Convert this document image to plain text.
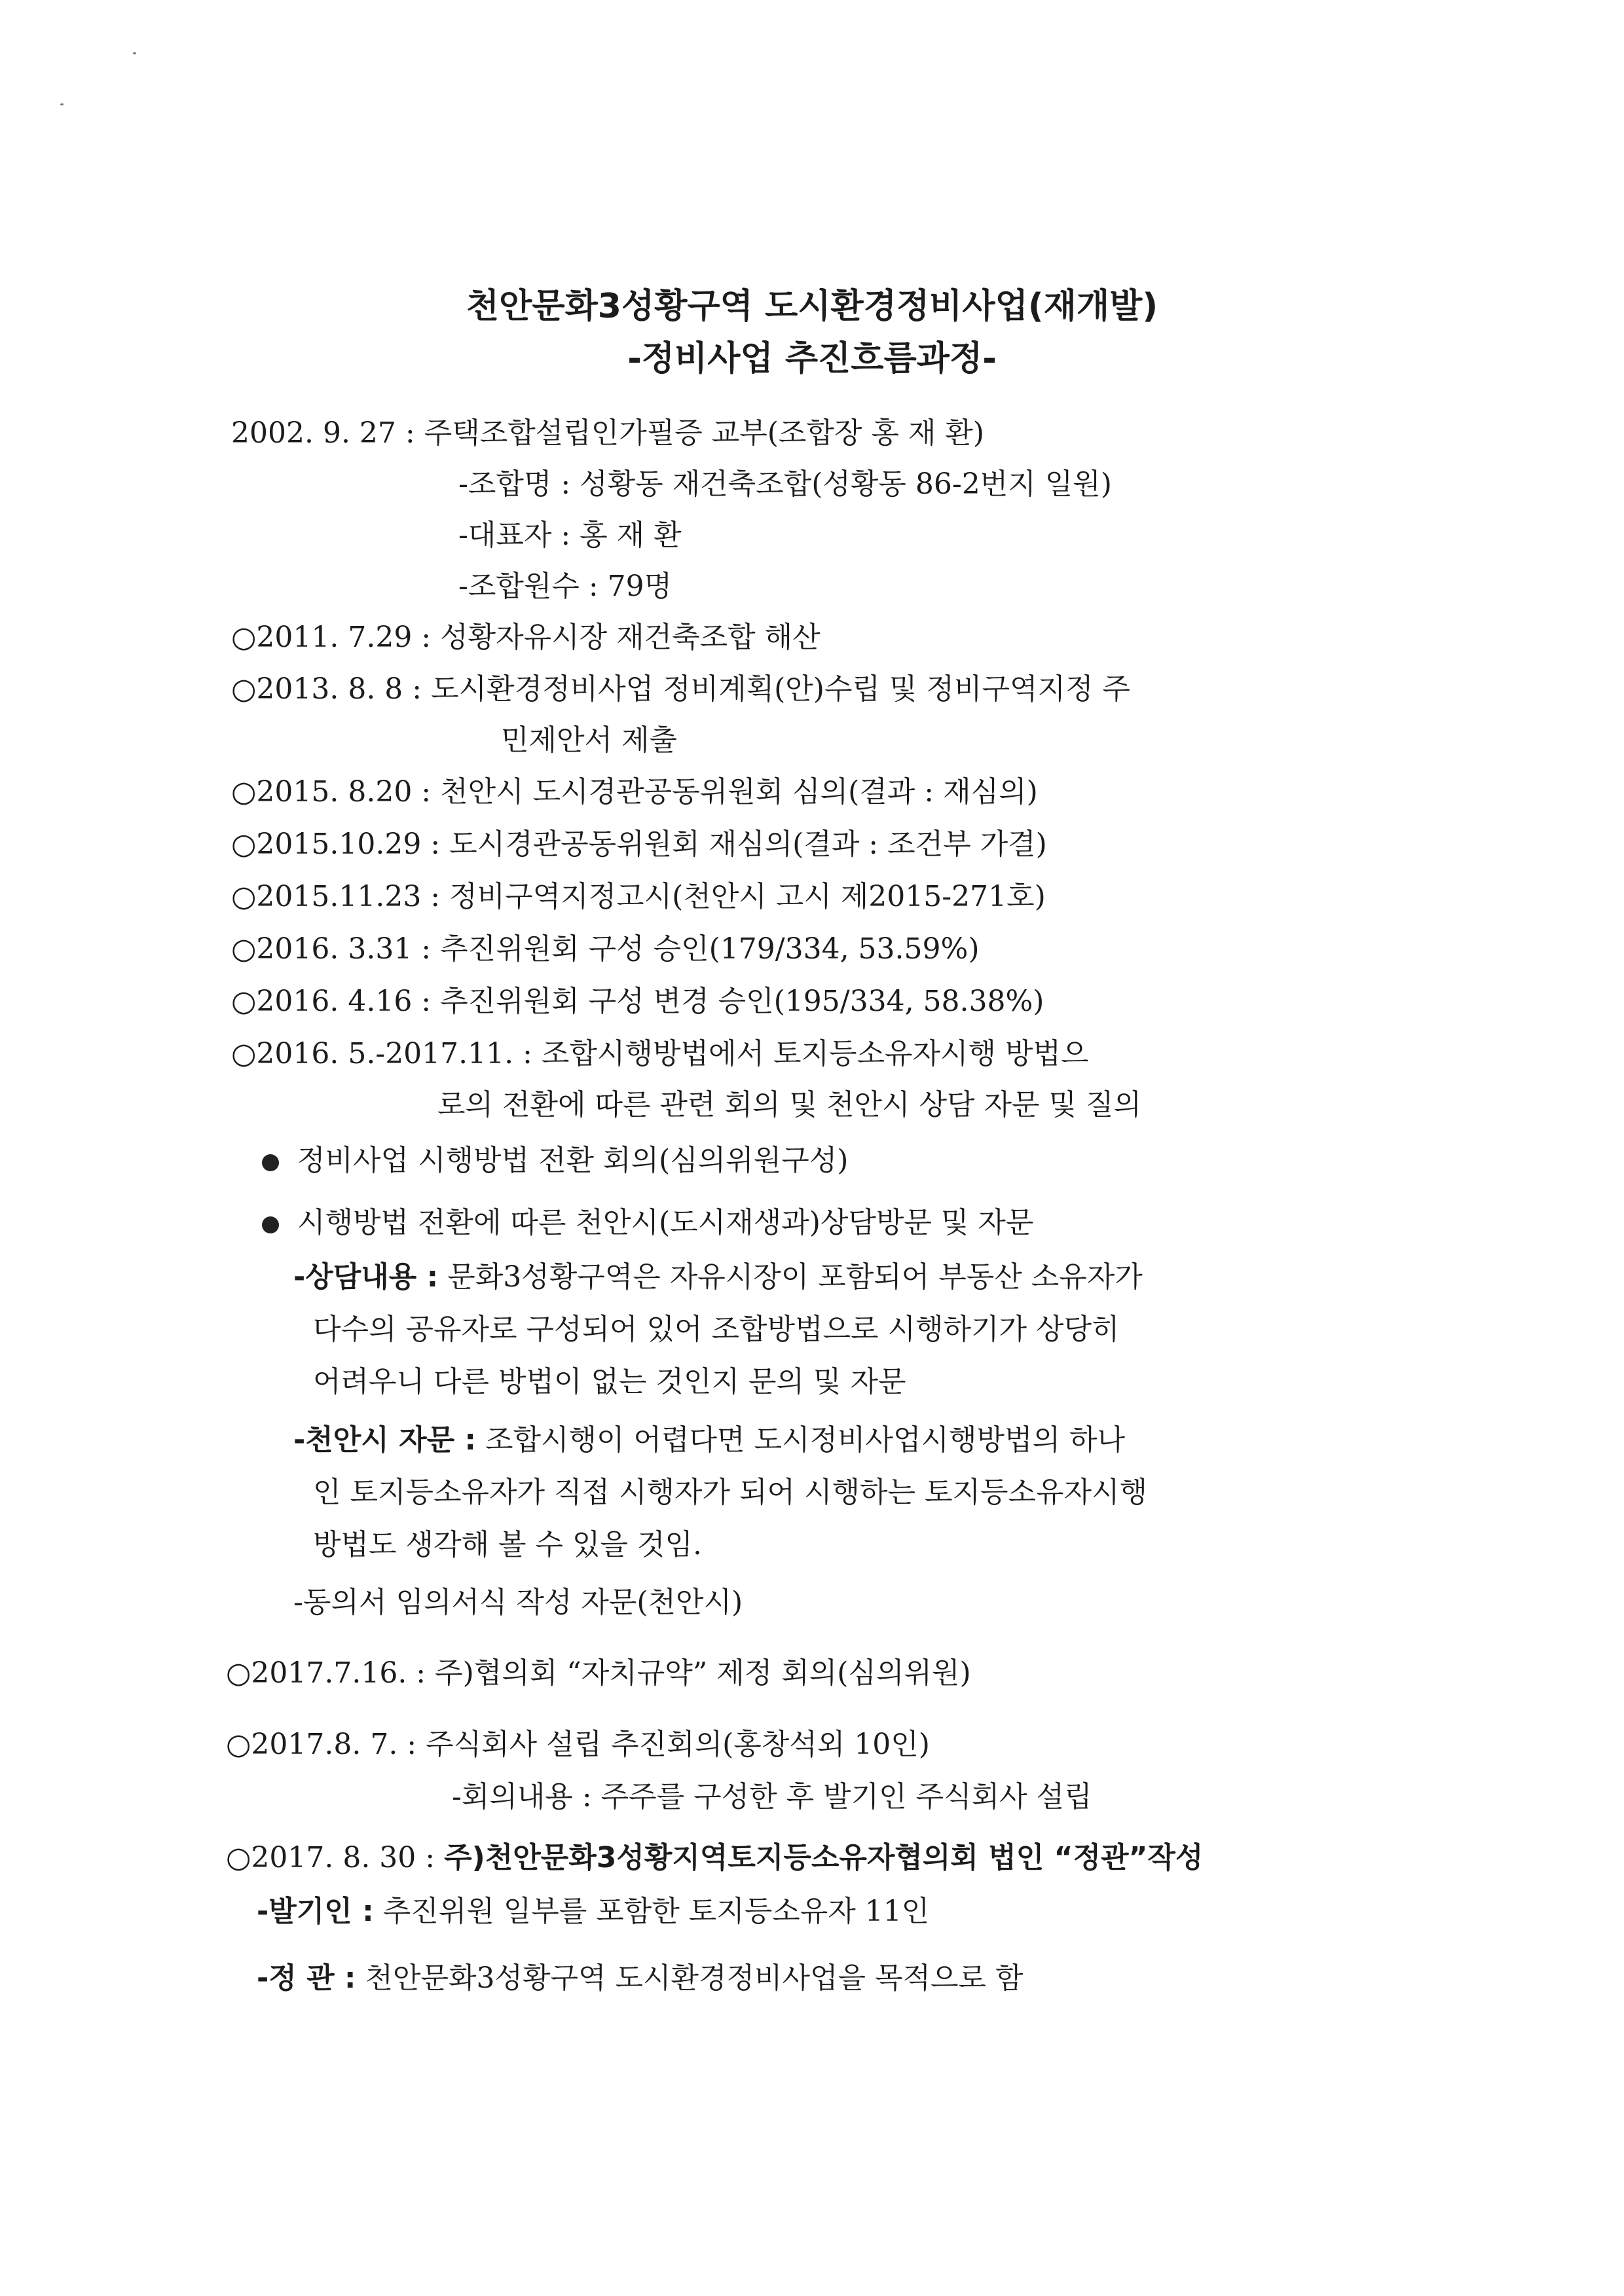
천안문화3성황구역 도시환경정비사업(재개발)
-정비사업 추진흐름과정-
2002. 9. 27 : 주택조합설립인가필증 교부(조합장 홍 재 환)
-조합명 : 성황동 재건축조합(성황동 86-2번지 일원)
-대표자 : 홍 재 환
-조합원수 : 79명
○2011. 7.29 : 성황자유시장 재건축조합 해산
○2013. 8. 8 : 도시환경정비사업 정비계획(안)수립 및 정비구역지정 주
민제안서 제출
○2015. 8.20 : 천안시 도시경관공동위원회 심의(결과 : 재심의)
○2015.10.29 : 도시경관공동위원회 재심의(결과 : 조건부 가결)
○2015.11.23 : 정비구역지정고시(천안시 고시 제2015-271호)
○2016. 3.31 : 추진위원회 구성 승인(179/334, 53.59%)
○2016. 4.16 : 추진위원회 구성 변경 승인(195/334, 58.38%)
○2016. 5.-2017.11. : 조합시행방법에서 토지등소유자시행 방법으
로의 전환에 따른 관련 회의 및 천안시 상담 자문 및 질의
정비사업 시행방법 전환 회의(심의위원구성)
시행방법 전환에 따른 천안시(도시재생과)상담방문 및 자문
-상담내용 : 문화3성황구역은 자유시장이 포함되어 부동산 소유자가
다수의 공유자로 구성되어 있어 조합방법으로 시행하기가 상당히
어려우니 다른 방법이 없는 것인지 문의 및 자문
-천안시 자문 : 조합시행이 어렵다면 도시정비사업시행방법의 하나
인 토지등소유자가 직접 시행자가 되어 시행하는 토지등소유자시행
방법도 생각해 볼 수 있을 것임.
-동의서 임의서식 작성 자문(천안시)
○2017.7.16. : 주)협의회 “자치규약” 제정 회의(심의위원)
○2017.8. 7. : 주식회사 설립 추진회의(홍창석외 10인)
-회의내용 : 주주를 구성한 후 발기인 주식회사 설립
○2017. 8. 30 : 주)천안문화3성황지역토지등소유자협의회 법인 “정관”작성
-발기인 : 추진위원 일부를 포함한 토지등소유자 11인
-정 관 : 천안문화3성황구역 도시환경정비사업을 목적으로 함
